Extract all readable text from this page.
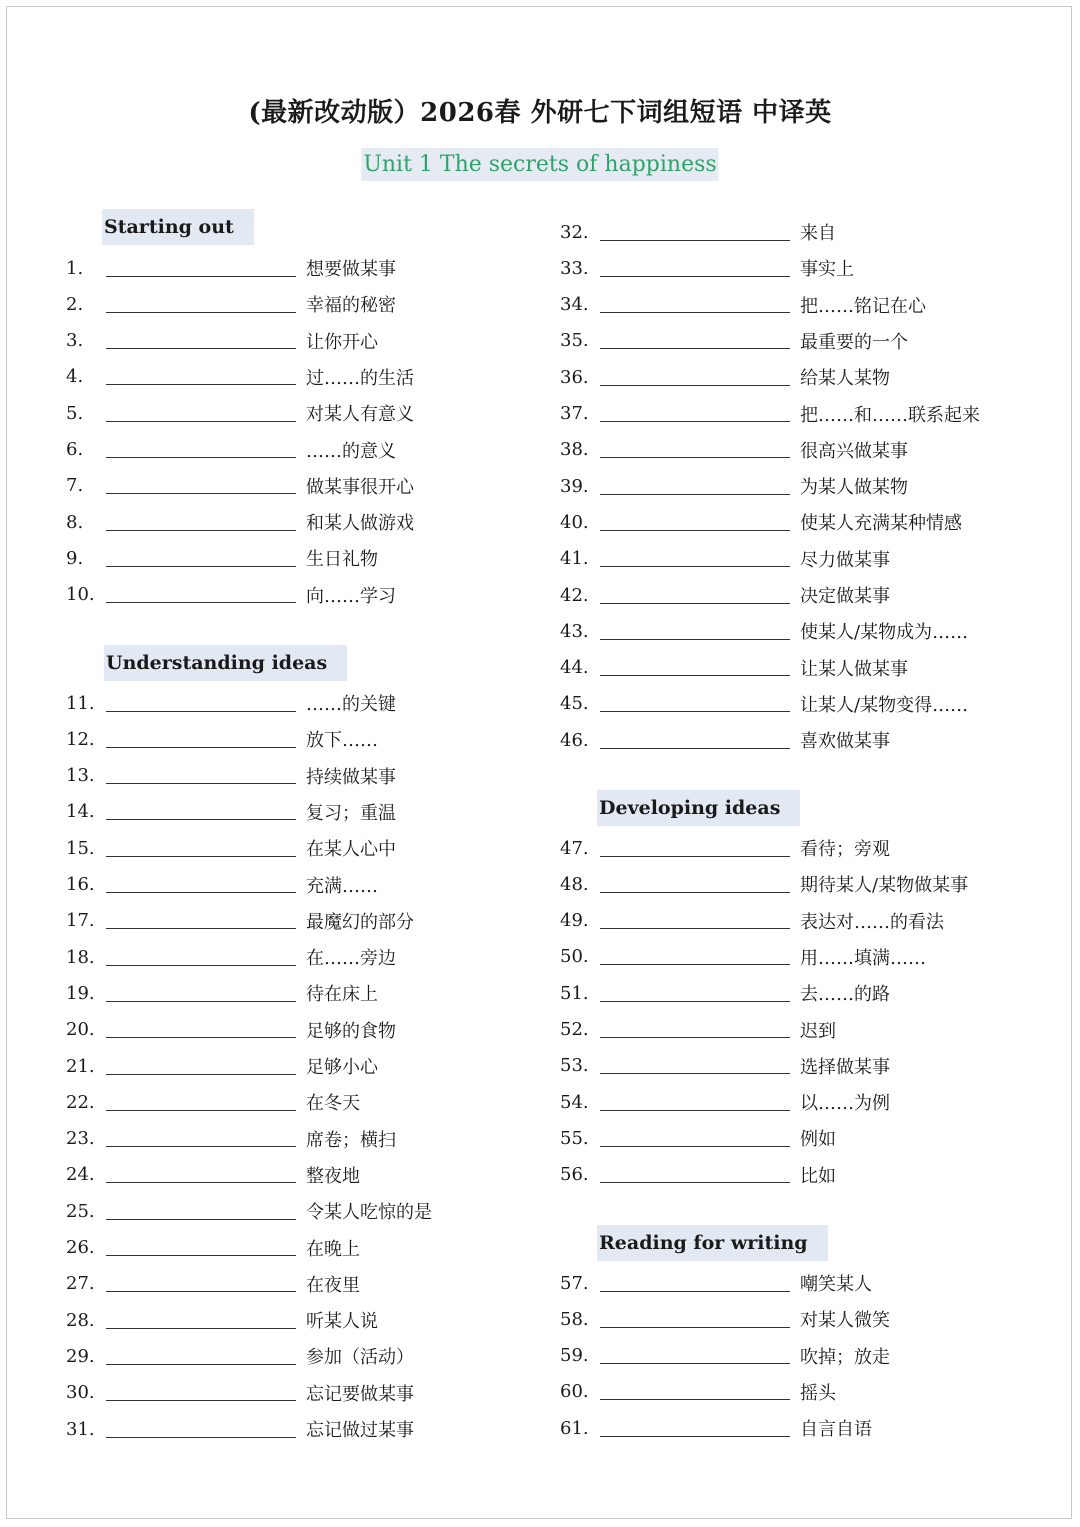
(最新改动版）2026春 外研七下词组短语 中译英
Unit 1 The secrets of happiness
Starting out
Understanding ideas
Developing ideas
Reading for writing
1.	想要做某事
2.	幸福的秘密
3.	让你开心
4.	过……的生活
5.	对某人有意义
6.	……的意义
7.	做某事很开心
8.	和某人做游戏
9.	生日礼物
10.	向……学习
11.	……的关键
12.	放下……
13.	持续做某事
14.	复习；重温
15.	在某人心中
16.	充满……
17.	最魔幻的部分
18.	在……旁边
19.	待在床上
20.	足够的食物
21.	足够小心
22.	在冬天
23.	席卷；横扫
24.	整夜地
25.	令某人吃惊的是
26.	在晚上
27.	在夜里
28.	听某人说
29.	参加（活动）
30.	忘记要做某事
31.	忘记做过某事
32.	来自
33.	事实上
34.	把……铭记在心
35.	最重要的一个
36.	给某人某物
37.	把……和……联系起来
38.	很高兴做某事
39.	为某人做某物
40.	使某人充满某种情感
41.	尽力做某事
42.	决定做某事
43.	使某人/某物成为……
44.	让某人做某事
45.	让某人/某物变得……
46.	喜欢做某事
47.	看待；旁观
48.	期待某人/某物做某事
49.	表达对……的看法
50.	用……填满……
51.	去……的路
52.	迟到
53.	选择做某事
54.	以……为例
55.	例如
56.	比如
57.	嘲笑某人
58.	对某人微笑
59.	吹掉；放走
60.	摇头
61.	自言自语
